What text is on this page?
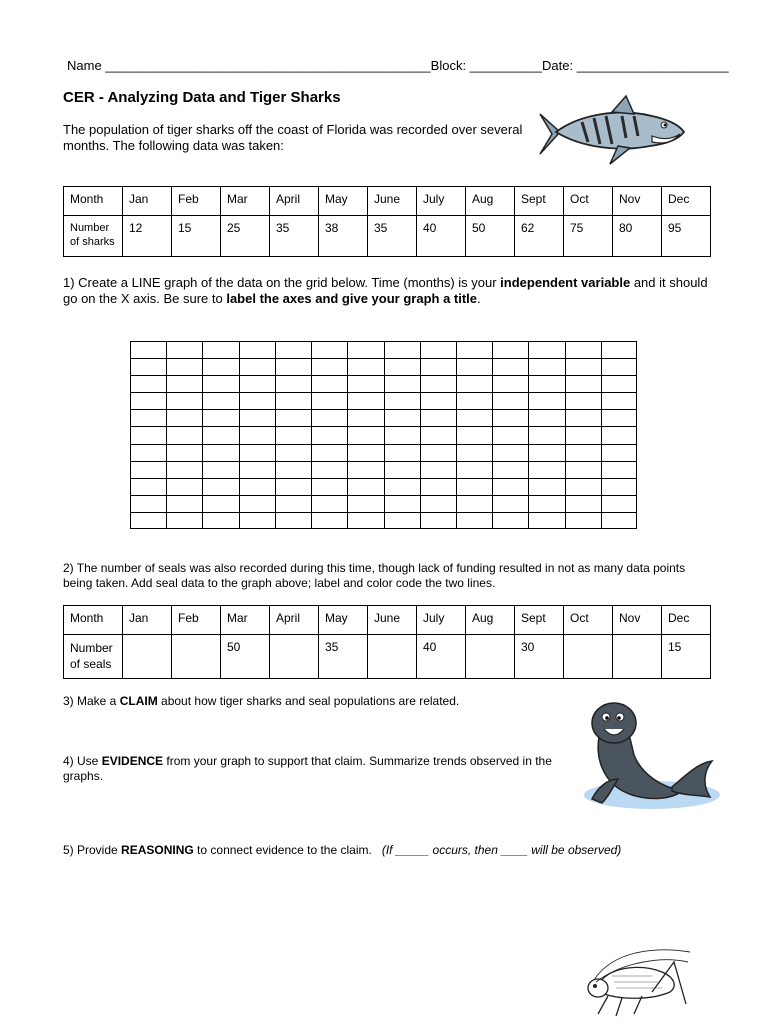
Name _____________________________________________Block: __________Date: _____________________
CER - Analyzing Data and Tiger Sharks
The population of tiger sharks off the coast of Florida was recorded over several months. The following data was taken:
Month	Jan	Feb	Mar	April	May	June	July	Aug	Sept	Oct	Nov	Dec
Number of sharks	12	15	25	35	38	35	40	50	62	75	80	95
1) Create a LINE graph of the data on the grid below. Time (months) is your independent variable and it should go on the X axis. Be sure to label the axes and give your graph a title.
2) The number of seals was also recorded during this time, though lack of funding resulted in not as many data points being taken. Add seal data to the graph above; label and color code the two lines.
Month	Jan	Feb	Mar	April	May	June	July	Aug	Sept	Oct	Nov	Dec
Number of seals			50		35		40		30			15
3) Make a CLAIM about how tiger sharks and seal populations are related.
4) Use EVIDENCE from your graph to support that claim. Summarize trends observed in the graphs.
5) Provide REASONING to connect evidence to the claim.   (If _____ occurs, then ____ will be observed)
